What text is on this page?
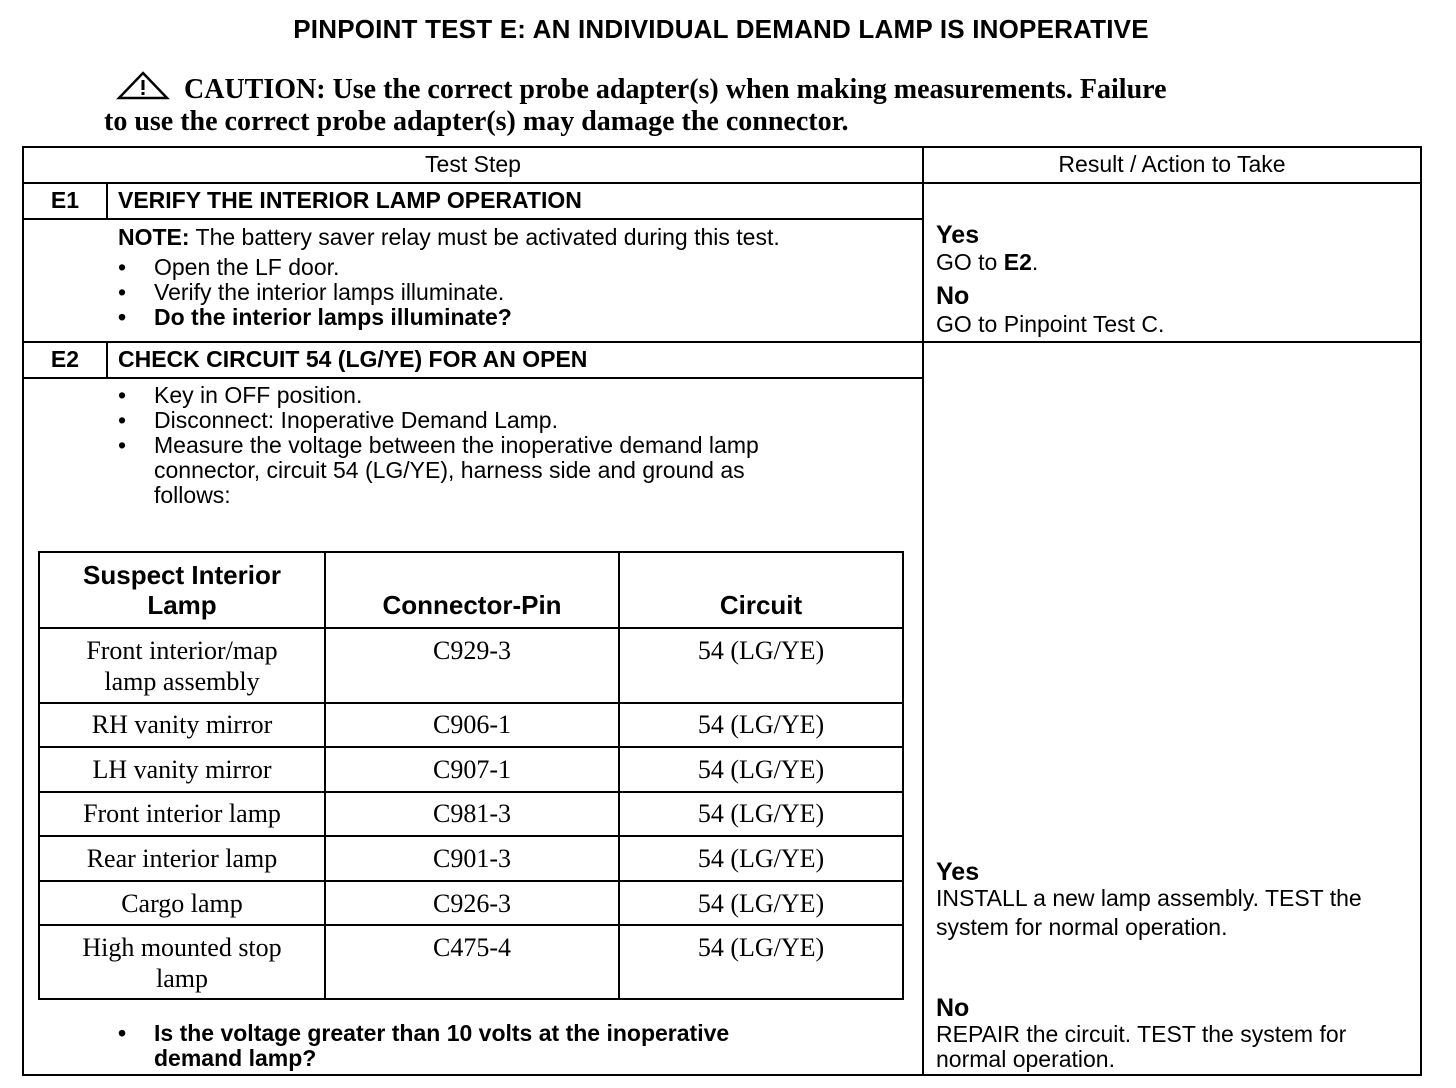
PINPOINT TEST E: AN INDIVIDUAL DEMAND LAMP IS INOPERATIVE
CAUTION: Use the correct probe adapter(s) when making measurements. Failure
to use the correct probe adapter(s) may damage the connector.
Test Step	Result / Action to Take
E1	VERIFY THE INTERIOR LAMP OPERATION
NOTE: The battery saver relay must be activated during this test.
• Open the LF door.
• Verify the interior lamps illuminate.
• Do the interior lamps illuminate?
Yes
GO to E2.
No
GO to Pinpoint Test C.
E2	CHECK CIRCUIT 54 (LG/YE) FOR AN OPEN
• Key in OFF position.
• Disconnect: Inoperative Demand Lamp.
• Measure the voltage between the inoperative demand lamp
connector, circuit 54 (LG/YE), harness side and ground as
follows:
• Is the voltage greater than 10 volts at the inoperative
demand lamp?
Yes
INSTALL a new lamp assembly. TEST the
system for normal operation.
No
REPAIR the circuit. TEST the system for
normal operation.
Suspect Interior
Lamp	Connector-Pin	Circuit
Front interior/map
lamp assembly
C929-3	54 (LG/YE)
RH vanity mirror	C906-1	54 (LG/YE)
LH vanity mirror	C907-1	54 (LG/YE)
Front interior lamp	C981-3	54 (LG/YE)
Rear interior lamp	C901-3	54 (LG/YE)
Cargo lamp	C926-3	54 (LG/YE)
High mounted stop
lamp
C475-4	54 (LG/YE)
